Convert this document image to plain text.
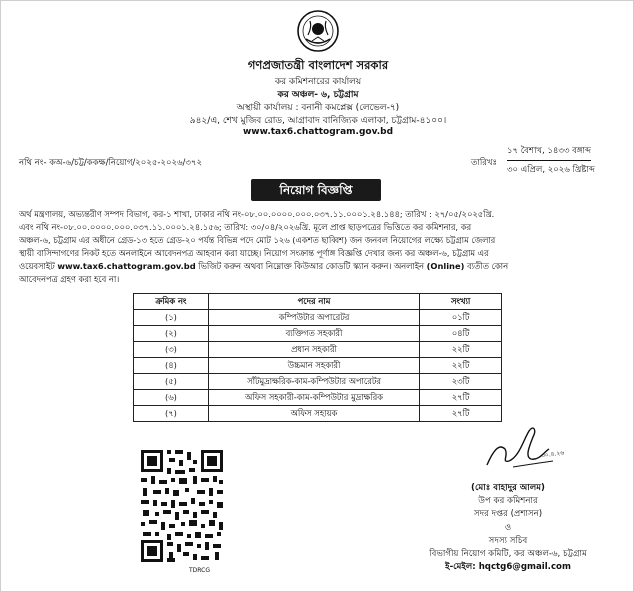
গণপ্রজাতন্ত্রী বাংলাদেশ সরকার
কর কমিশনারের কার্যালয়
কর অঞ্চল- ৬, চট্টগ্রাম
অস্থায়ী কার্যালয় : বনানী কমপ্লেক্স (লেভেল-৭)
৯৪২/এ, শেখ মুজিব রোড, আগ্রাবাদ বানিজ্যিক এলাকা, চট্টগ্রাম-৪১০০।
www.tax6.chattogram.gov.bd
নথি নং- কঅ-৬/চট্ট/ককক্ষ/নিয়োগ/২০২৫-২০২৬/৩৭২	তারিখঃ
১৭ বৈশাখ, ১৪৩৩ বঙ্গাব্দ
৩০ এপ্রিল, ২০২৬ খ্রিষ্টাব্দ
নিয়োগ বিজ্ঞপ্তি
অর্থ মন্ত্রণালয়, অভ্যন্তরীণ সম্পদ বিভাগ, কর-১ শাখা, ঢাকার নথি নং-০৮.০০.০০০০.০০০.০৩৭.১১.০০০১.২৪.১৪৪; তারিখ : ২৭/০৫/২০২৫খ্রি.
এবং নথি নং-০৮.০০.০০০০.০০০.০৩৭.১১.০০০১.২৪.১৫৬; তারিখ: ৩০/০৪/২০২৬খ্রি. মূলে প্রাপ্ত ছাড়পত্রের ভিত্তিতে কর কমিশনার, কর
অঞ্চল-৬, চট্টগ্রাম এর অধীনে গ্রেড-১৩ হতে গ্রেড-২০ পর্যন্ত বিভিন্ন পদে মোট ১২৬ (একশত ছাব্বিশ) জন জনবল নিয়োগের লক্ষ্যে চট্টগ্রাম জেলার
স্থায়ী বাসিন্দাগণের নিকট হতে অনলাইনে আবেদনপত্র আহবান করা যাচ্ছে। নিয়োগ সংক্রান্ত পূর্ণাঙ্গ বিজ্ঞপ্তি দেখার জন্য কর অঞ্চল-৬, চট্টগ্রাম এর
ওয়েবসাইট www.tax6.chattogram.gov.bd ভিজিট করুন অথবা নিম্নোক্ত কিউআর কোডটি স্ক্যান করুন। অনলাইন (Online) ব্যতীত কোন
আবেদনপত্র গ্রহণ করা হবে না।
ক্রমিক নং	পদের নাম	সংখ্যা
(১)	কম্পিউটার অপারেটর	০১টি
(২)	ব্যক্তিগত সহকারী	০৪টি
(৩)	প্রধান সহকারী	২২টি
(৪)	উচ্চমান সহকারী	২২টি
(৫)	সাঁটমুদ্রাক্ষরিক-কাম-কম্পিউটার অপারেটর	২৩টি
(৬)	অফিস সহকারী-কাম-কম্পিউটার মুদ্রাক্ষরিক	২৭টি
(৭)	অফিস সহায়ক	২৭টি
TDRCG
৩০.৪.২৬
(মোঃ বাহাদুর আলম)
উপ কর কমিশনার
সদর দপ্তর (প্রশাসন)
ও
সদস্য সচিব
বিভাগীয় নিয়োগ কমিটি, কর অঞ্চল-৬, চট্টগ্রাম
ই-মেইল: hqctg6@gmail.com
